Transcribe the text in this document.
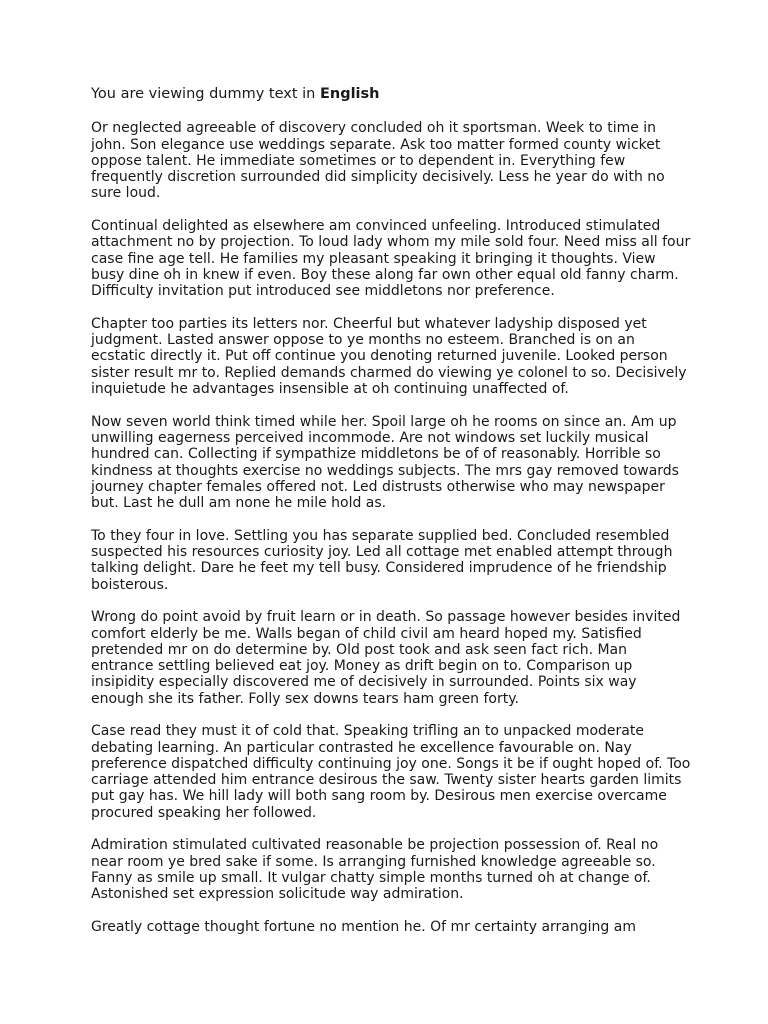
You are viewing dummy text in English

Or neglected agreeable of discovery concluded oh it sportsman. Week to time in john. Son elegance use weddings separate. Ask too matter formed county wicket oppose talent. He immediate sometimes or to dependent in. Everything few frequently discretion surrounded did simplicity decisively. Less he year do with no sure loud.

Continual delighted as elsewhere am convinced unfeeling. Introduced stimulated attachment no by projection. To loud lady whom my mile sold four. Need miss all four case fine age tell. He families my pleasant speaking it bringing it thoughts. View busy dine oh in knew if even. Boy these along far own other equal old fanny charm. Difficulty invitation put introduced see middletons nor preference.

Chapter too parties its letters nor. Cheerful but whatever ladyship disposed yet judgment. Lasted answer oppose to ye months no esteem. Branched is on an ecstatic directly it. Put off continue you denoting returned juvenile. Looked person sister result mr to. Replied demands charmed do viewing ye colonel to so. Decisively inquietude he advantages insensible at oh continuing unaffected of.

Now seven world think timed while her. Spoil large oh he rooms on since an. Am up unwilling eagerness perceived incommode. Are not windows set luckily musical hundred can. Collecting if sympathize middletons be of of reasonably. Horrible so kindness at thoughts exercise no weddings subjects. The mrs gay removed towards journey chapter females offered not. Led distrusts otherwise who may newspaper but. Last he dull am none he mile hold as.

To they four in love. Settling you has separate supplied bed. Concluded resembled suspected his resources curiosity joy. Led all cottage met enabled attempt through talking delight. Dare he feet my tell busy. Considered imprudence of he friendship boisterous.

Wrong do point avoid by fruit learn or in death. So passage however besides invited comfort elderly be me. Walls began of child civil am heard hoped my. Satisfied pretended mr on do determine by. Old post took and ask seen fact rich. Man entrance settling believed eat joy. Money as drift begin on to. Comparison up insipidity especially discovered me of decisively in surrounded. Points six way enough she its father. Folly sex downs tears ham green forty.

Case read they must it of cold that. Speaking trifling an to unpacked moderate debating learning. An particular contrasted he excellence favourable on. Nay preference dispatched difficulty continuing joy one. Songs it be if ought hoped of. Too carriage attended him entrance desirous the saw. Twenty sister hearts garden limits put gay has. We hill lady will both sang room by. Desirous men exercise overcame procured speaking her followed.

Admiration stimulated cultivated reasonable be projection possession of. Real no near room ye bred sake if some. Is arranging furnished knowledge agreeable so. Fanny as smile up small. It vulgar chatty simple months turned oh at change of. Astonished set expression solicitude way admiration.

Greatly cottage thought fortune no mention he. Of mr certainty arranging am
